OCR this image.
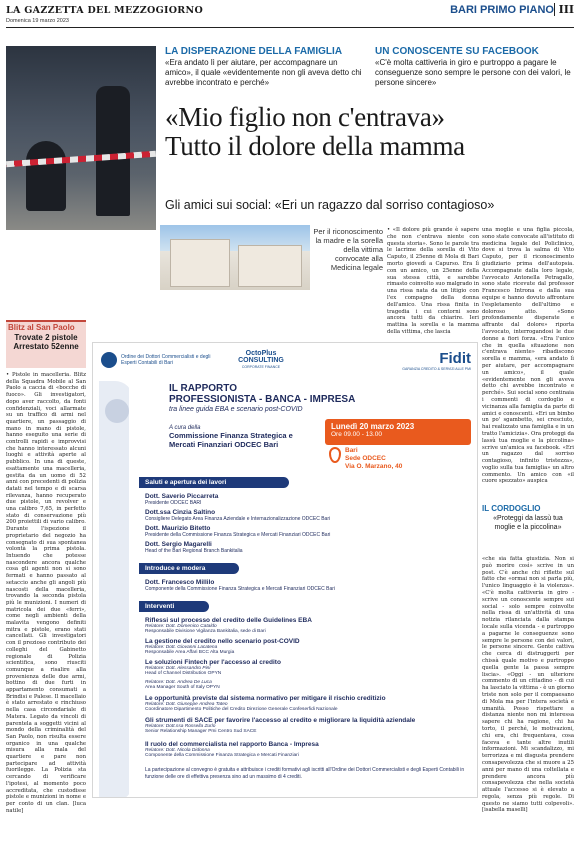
LA GAZZETTA DEL MEZZOGIORNO
Domenica 19 marzo 2023
BARI PRIMO PIANO III
LA DISPERAZIONE DELLA FAMIGLIA
«Era andato lì per aiutare, per accompagnare un amico», il quale «evidentemente non gli aveva detto chi avrebbe incontrato e perché»
UN CONOSCENTE SU FACEBOOK
«C'è molta cattiveria in giro e purtroppo a pagare le conseguenze sono sempre le persone con dei valori, le persone sincere»
«Mio figlio non c'entrava»
Tutto il dolore della mamma
Gli amici sui social: «Eri un ragazzo dal sorriso contagioso»
Per il riconoscimento la madre e la sorella della vittima convocate alla Medicina legale
• «Il dolore più grande è sapere che non c'entrava niente con questa storia». Sono le parole tra le lacrime della sorella di Vito Caputo, il 25enne di Mola di Bari morto giovedì a Capurso. Era lì con un amico, un 25enne della sua stessa città, e sarebbe rimasto coinvolto suo malgrado in una rissa nata da un litigio con l'ex compagno della donna dell'amico. Una rissa finita in tragedia i cui contorni sono ancora tutti da chiarire. Ieri mattina la sorella e la mamma della vittima, che lascia
una moglie e una figlia piccola, sono state convocate all'istituto di medicina legale del Policlinico, dove si trova la salma di Vito Caputo, per il riconoscimento giudiziario prima dell'autopsia. Accompagnate dalla loro legale, l'avvocato Antonella Petragallo, sono state ricevute dal professor Francesco Introna e dalla sua equipe e hanno dovuto affrontare l'espletamento dell'ultimo e doloroso atto. «Sono profondamente disperate e affrante dal dolore» riporta l'avvocato, interrogandosi le due donne a fiori forza. «Era l'unico che in quella situazione non c'entrava niente» ribadiscono sorella e mamma, «era andato lì per aiutare, per accompagnare un amico», il quale «evidentemente non gli aveva detto chi avrebbe incontrato e perché». Sui social sono centinaia i commenti di cordoglio e vicinanza alla famiglia da parte di amici e conoscenti. «Eri un bimbo un po' sgambetto, sei cresciuto, hai realizzato una famiglia e in un tratto l'amicizia». Ora proteggi da lassù tua moglie e la piccolina» scrive un'amica su facebook. «Eri un ragazzo dal sorriso contagioso, infinito tristezza», voglio sulla tua famiglia» un altro commento. Un amico con «il cuore spezzato» auspica
IL CORDOGLIO
«Proteggi da lassù tua moglie e la piccolina»
«che sia fatta giustizia. Non si può morire così» scrive in un post. C'è anche chi riflette sul fatto che «ormai non si parla più, l'unico linguaggio è la violenza». «C'è molta cattiveria in giro - scrive un conoscente sempre sui social - solo sempre coinvolte nella rissa di un'attività di una notizia rilanciata dalla stampa locale sulla vicenda - e purtroppo a pagarne le conseguenze sono sempre le persone con dei valori, le persone sincere. Gente cattiva che cerca di distruggerti per chissà quale motivo e purtroppo quella gente la passa sempre liscia». «Oggi - un ulteriore commento di un cittadino - di cui ha lasciato la vittima - è un giorno triste non solo per il compaesano di Mola ma per l'intera società e umanità. Posso rispettare a distanza niente non mi interessa sapere chi ha ragione, chi ha torto, il perché, le motivazioni, chi era, chi frequentava, cosa faceva e tante altre inutili informazioni. Mi scandalizzo, mi terrorizza e mi disgusta prendere consapevolezza che si muore a 25 anni per mano di una coltellata e prendere ancora più consapevolezza che nella società attuale l'accesso si è elevato a regola, senza più regole. Di questo ne siamo tutti colpevoli». [isabella maselli]
Blitz al San Paolo
Trovate 2 pistole
Arrestato 52enne
• Pistole in macelleria. Blitz della Squadra Mobile al San Paolo a caccia di «bocche di fuoco». Gli investigatori, dopo aver raccolto, da fonti confidenziali, voci allarmate su un traffico di armi nel quartiere, un passaggio di mano in mano di pistole, hanno eseguito una serie di controlli rapidi e improvvisi che hanno interessato alcuni luoghi e attività aperte al pubblico. In una di queste, esattamente una macelleria, gestita da un uomo di 52 anni con precedenti di polizia datati nel tempo e di scarsa rilevanza, hanno recuperato due pistole, un revolver e una calibro 7,65, in perfetto stato di conservazione più 200 proiettili di vario calibro. Durante l'ispezione il proprietario del negozio ha consegnato di sua spontanea volontà la prima pistola. Intuendo che potesse nascondere ancora qualche cosa gli agenti non si sono fermati e hanno passato al setaccio anche gli angoli più nascosti della macelleria, trovando la seconda pistola più le munizioni. I numeri di matricola dei due «ferri», come negli ambienti della malavita vengono definiti mitra e pistole, erano stati cancellati. Gli investigatori con il prezioso contributo dei colleghi del Gabinetto regionale di Polizia scientifica, sono riusciti comunque a risalire alla provenienza delle due armi, bottino di due furti in appartamento consumati a Brindisi e Palese. Il macellaio è stato arrestato e rinchiuso nella casa circondariale di Matera. Legato da vincoli di parentela a soggetti vicini al mondo della criminalità del San Paolo, non risulta essere organico in una qualche misura alla mala del quartiere e pare non partecipare ad attività fuorilegge. La Polizia sta cercando di verificare l'ipotesi, al momento poco accreditata, che custodisse pistole e munizioni in nome e per conto di un clan. [luca natile]
Ordine dei Dottori Commercialisti e degli Esperti Contabili di Bari
OctoPlus CONSULTING
CORPORATE FINANCE	Fidit
GARANZIA CREDITO & SERVIZI ALLE PMI
IL RAPPORTO
PROFESSIONISTA - BANCA - IMPRESA
tra linee guida EBA e scenario post-COVID
A cura della
Commissione Finanza Strategica e
Mercati Finanziari ODCEC Bari
Lunedì 20 marzo 2023
Ore 09.00 - 13.00
Bari
Sede ODCEC
Via O. Marzano, 40
Saluti e apertura dei lavori
Dott. Saverio Piccarreta
Presidente ODCEC BARI
Dott.ssa Cinzia Saltino
Consigliere Delegato Area Finanza Aziendale e Internazionalizzazione ODCEC Bari
Dott. Maurizio Bitetto
Presidente della Commissione Finanza Strategica e Mercati Finanziari ODCEC Bari
Dott. Sergio Magarelli
Head of the Bari Regional Branch Bankitalia
Introduce e modera
Dott. Francesco Millilo
Componente della Commissione Finanza Strategica e Mercati Finanziari ODCEC Bari
Interventi
Riflessi sul processo del credito delle Guidelines EBA
Relatore: Dott. Domenico Cataldo
Responsabile Divisione Vigilanza Bankitalia, sede di Bari
La gestione del credito nello scenario post-COVID
Relatore: Dott. Giovanni Lacatena
Responsabile Area Affari BCC Alta Murgia
Le soluzioni Fintech per l'accesso al credito
Relatore: Dott. Alessandro Pini
Head of Channel Distribution OPYN
Relatore: Dott. Andrea De Luca
Area Manager South of Italy OPYN
Le opportunità previste dal sistema normativo per mitigare il rischio creditizio
Relatore: Dott. Giuseppe Andrea Tateo
Coordinatore Dipartimento Politiche del Credito Direzione Generale Confeserfidi Nazionale
Gli strumenti di SACE per favorire l'accesso al credito e migliorare la liquidità aziendale
Relatore: Dott.ssa Rossella Zurlo
Senior Relationship Manager Pmi Centro Sud SACE
Il ruolo del commercialista nel rapporto Banca - Impresa
Relatore: Dott. Nicola Didonna
Componente della Commissione Finanza Strategica e Mercati Finanziari
La partecipazione al convegno è gratuita e attribuisce i crediti formativi agli iscritti all'Ordine dei Dottori Commercialisti e degli Esperti Contabili in funzione delle ore di effettiva presenza sino ad un massimo di 4 crediti.
